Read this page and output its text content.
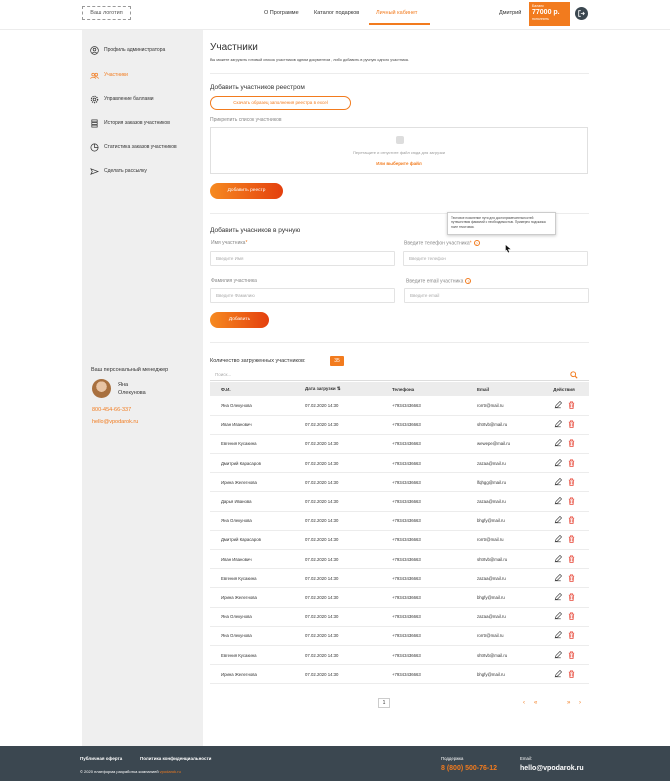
Ваш логотип	О Программе	Каталог подарков	Личный кабинет	Дмитрий
Баланс
77000 р.
пополнить
Профиль администратора
Участники
Управление баллами
История заказов участников
Статистика заказов участников
Сделать рассылку
Ваш персональный менеджер
Яна
Олекунова
800-454-66-337
hello@vpodarok.ru
Участники
Вы можете загрузить готовый список участников одним документом , либо добавить в ручную одного участника.
Добавить участников реестром
Скачать образец заполнения реестра в excel
Прикрепить список участников
Перетащите и отпустите файл сюда для загрузки
Или выберите файл
Добавить реестр
Добавить учасников в ручную
Имя участника*
Введите Имя
Введите телефон участника* ?
Введите телефон
Фамилия участника
Введите Фамилию
Введите email участника ?
Введите email
Добавить
Тестовое пояснение пути для достопримечательностей путешествия фамилий с необходимостью. Примерно подсказка поле текстовая.
Количество загруженных участников:	35
Поиск...
Ф.И.	Дата загрузки ⇅	Телефона	Email	Действия
Яна Олекунова	07.02.2020 14:30	+79343436663	rorrtr@mail.ru	

Иван Иванович	07.02.2020 14:30	+79343436663	shtrtvb@mail.ru	

Евгения Кусакина	07.02.2020 14:30	+79343436663	wewepe@mail.ru	

Дмитрий Карасаров	07.02.2020 14:30	+79343436663	zazaa@mail.ru	

Ирина Желегнова	07.02.2020 14:30	+79343436663	lfqhgg@mail.ru	

Дарья Иванова	07.02.2020 14:30	+79343436663	zazaa@mail.ru	

Яна Олекунова	07.02.2020 14:30	+79343436663	bhgfy@mail.ru	

Дмитрий Карасаров	07.02.2020 14:30	+79343436663	rorrtr@mail.ru	

Иван Иванович	07.02.2020 14:30	+79343436663	shtrtvb@mail.ru	

Евгения Кусакина	07.02.2020 14:30	+79343436663	zazaa@mail.ru	

Ирина Желегнова	07.02.2020 14:30	+79343436663	bhgfy@mail.ru	

Яна Олекунова	07.02.2020 14:30	+79343436663	zazaa@mail.ru	

Яна Олекунова	07.02.2020 14:30	+79343436663	rorrtr@mail.ru	

Евгения Кусакина	07.02.2020 14:30	+79343436663	shtrtvb@mail.ru	

Ирина Желегнова	07.02.2020 14:30	+79343436663	bhgfy@mail.ru	
‹ «
1	» ›
Публичная оферта	Политика конфиденциальности
© 2020 платформа разработка компанией vpodarok.ru
Поддержка
8 (800) 500-76-12
Email:
hello@vpodarok.ru
